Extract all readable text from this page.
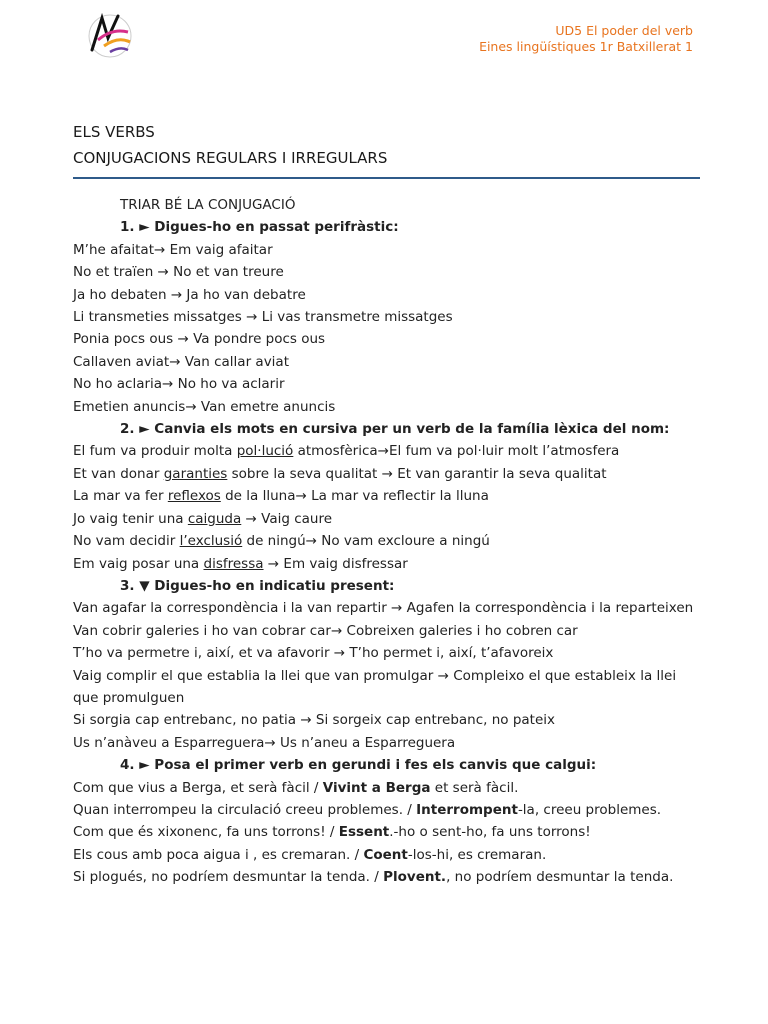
UD5 El poder del verb
Eines lingüístiques 1r Batxillerat 1
ELS VERBS
CONJUGACIONS REGULARS I IRREGULARS
TRIAR BÉ LA CONJUGACIÓ
1. ► Digues-ho en passat perifràstic:
M’he afaitat→ Em vaig afaitar
No et traïen → No et van treure
Ja ho debaten → Ja ho van debatre
Li transmeties missatges → Li vas transmetre missatges
Ponia pocs ous → Va pondre pocs ous
Callaven aviat→ Van callar aviat
No ho aclaria→ No ho va aclarir
Emetien anuncis→ Van emetre anuncis
2. ► Canvia els mots en cursiva per un verb de la família lèxica del nom:
El fum va produir molta pol·lució atmosfèrica→El fum va pol·luir molt l’atmosfera
Et van donar garanties sobre la seva qualitat → Et van garantir la seva qualitat
La mar va fer reflexos de la lluna→ La mar va reflectir la lluna
Jo vaig tenir una caiguda → Vaig caure
No vam decidir l’exclusió de ningú→ No vam excloure a ningú
Em vaig posar una disfressa → Em vaig disfressar
3. ▼ Digues-ho en indicatiu present:
Van agafar la correspondència i la van repartir → Agafen la correspondència i la reparteixen
Van cobrir galeries i ho van cobrar car→ Cobreixen galeries i ho cobren car
T’ho va permetre i, així, et va afavorir → T’ho permet i, així, t’afavoreix
Vaig complir el que establia la llei que van promulgar → Compleixo el que estableix la llei que promulguen
Si sorgia cap entrebanc, no patia → Si sorgeix cap entrebanc, no pateix
Us n’anàveu a Esparreguera→ Us n’aneu a Esparreguera
4. ► Posa el primer verb en gerundi i fes els canvis que calgui:
Com que vius a Berga, et serà fàcil / Vivint a Berga et serà fàcil.
Quan interrompeu la circulació creeu problemes. / Interrompent-la, creeu problemes.
Com que és xixonenc, fa uns torrons! / Essent.-ho o sent-ho, fa uns torrons!
Els cous amb poca aigua i , es cremaran. / Coent-los-hi, es cremaran.
Si plogués, no podríem desmuntar la tenda. / Plovent., no podríem desmuntar la tenda.
